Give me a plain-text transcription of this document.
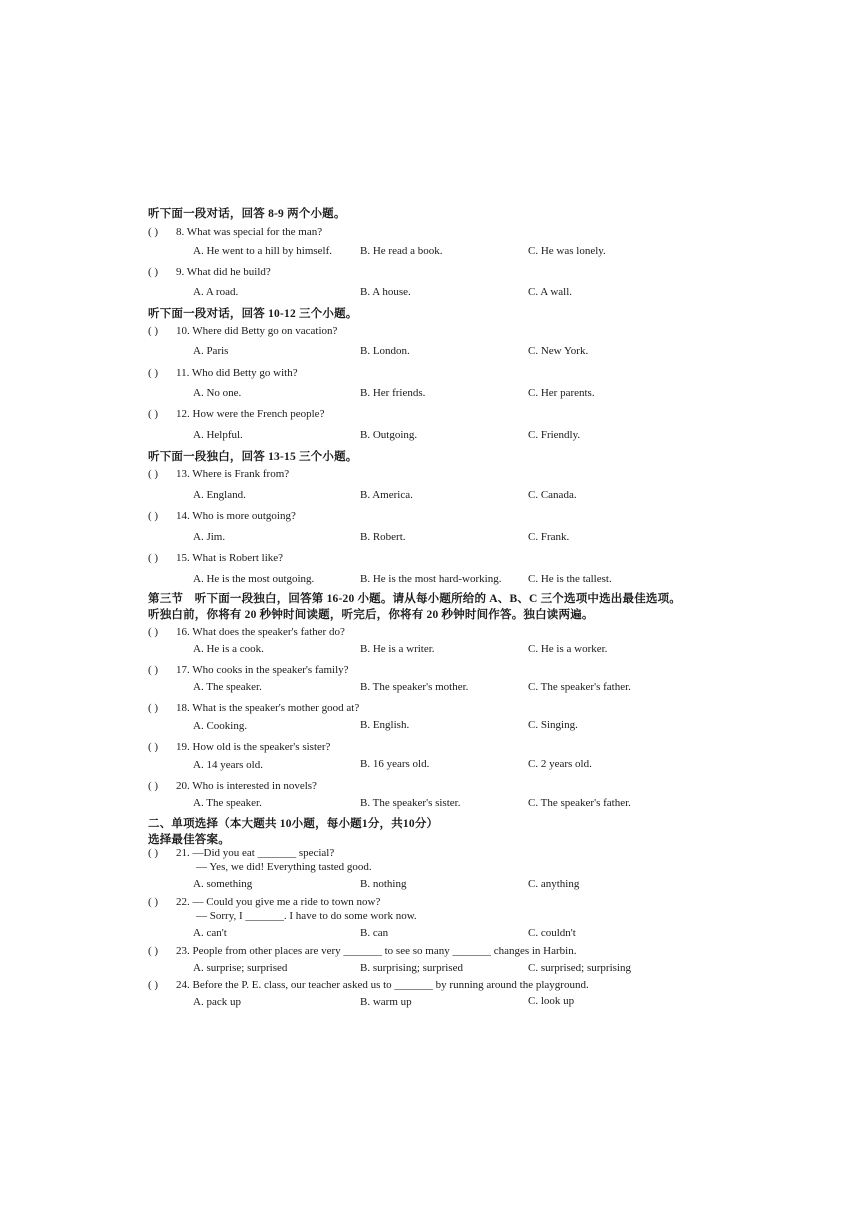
听下面一段对话，回答 8-9 两个小题。
( ) 8. What was special for the man?
A. He went to a hill by himself.	B. He read a book.	C. He was lonely.
( ) 9. What did he build?
A. A road.	B. A house.	C. A wall.
听下面一段对话，回答 10-12 三个小题。
( ) 10. Where did Betty go on vacation?
A. Paris	B. London.	C. New York.
( ) 11. Who did Betty go with?
A. No one.	B. Her friends.	C. Her parents.
( ) 12. How were the French people?
A. Helpful.	B. Outgoing.	C. Friendly.
听下面一段独白，回答 13-15 三个小题。
( ) 13. Where is Frank from?
A. England.	B. America.	C. Canada.
( ) 14. Who is more outgoing?
A. Jim.	B. Robert.	C. Frank.
( ) 15. What is Robert like?
A. He is the most outgoing.	B. He is the most hard-working. C. He is the tallest.
第三节　听下面一段独白，回答第 16-20 小题。请从每小题所给的 A、B、C 三个选项中选出最佳选项。
听独白前，你将有 20 秒钟时间读题，听完后，你将有 20 秒钟时间作答。独白读两遍。
( ) 16. What does the speaker's father do?
A. He is a cook.	B. He is a writer.	C. He is a worker.
( ) 17. Who cooks in the speaker's family?
A. The speaker.	B. The speaker's mother.	C. The speaker's father.
( ) 18. What is the speaker's mother good at?
A. Cooking.	B. English.	C. Singing.
( ) 19. How old is the speaker's sister?
A. 14 years old.	B. 16 years old.	C. 2 years old.
( ) 20. Who is interested in novels?
A. The speaker.	B. The speaker's sister.	C. The speaker's father.
二、单项选择（本大题共 10小题，每小题1分，共10分）
选择最佳答案。
( ) 21. —Did you eat _______ special?
— Yes, we did! Everything tasted good.
A. something	B. nothing	C. anything
( ) 22. — Could you give me a ride to town now?
— Sorry, I _______. I have to do some work now.
A. can't	B. can	C. couldn't
( ) 23. People from other places are very _______ to see so many _______ changes in Harbin.
A. surprise; surprised	B. surprising; surprised	C. surprised; surprising
( ) 24. Before the P. E. class, our teacher asked us to _______ by running around the playground.
A. pack up	B. warm up	C. look up
